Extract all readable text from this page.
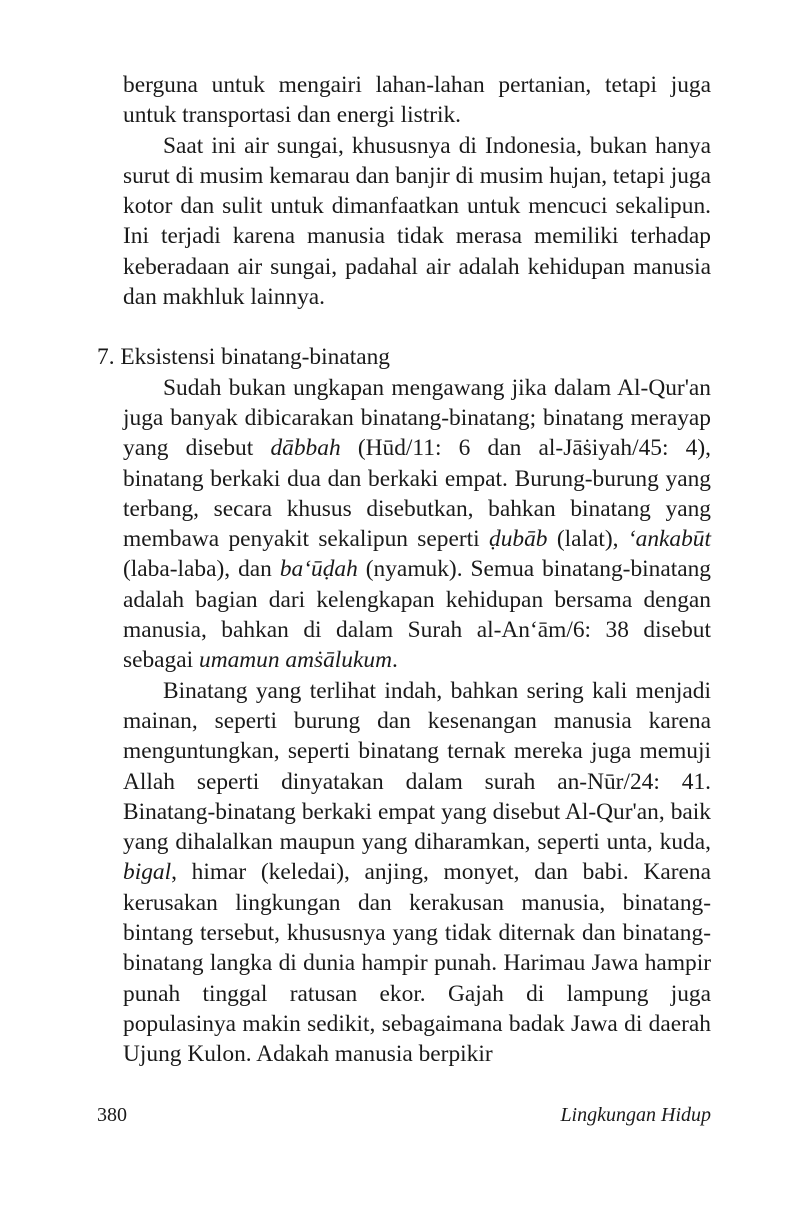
berguna untuk mengairi lahan-lahan pertanian, tetapi juga untuk transportasi dan energi listrik.

Saat ini air sungai, khususnya di Indonesia, bukan hanya surut di musim kemarau dan banjir di musim hujan, tetapi juga kotor dan sulit untuk dimanfaatkan untuk mencuci sekalipun. Ini terjadi karena manusia tidak merasa memiliki terhadap keberadaan air sungai, padahal air adalah kehidupan manusia dan makhluk lainnya.

7. Eksistensi binatang-binatang

Sudah bukan ungkapan mengawang jika dalam Al-Qur'an juga banyak dibicarakan binatang-binatang; binatang merayap yang disebut dābbah (Hūd/11: 6 dan al-Jāṡiyah/45: 4), binatang berkaki dua dan berkaki empat. Burung-burung yang terbang, secara khusus disebutkan, bahkan binatang yang membawa penyakit sekalipun seperti ḍubāb (lalat), ‘ankabūt (laba-laba), dan ba‘ūḍah (nyamuk). Semua binatang-binatang adalah bagian dari kelengkapan kehidupan bersama dengan manusia, bahkan di dalam Surah al-An‘ām/6: 38 disebut sebagai umamun amṡālukum.

Binatang yang terlihat indah, bahkan sering kali menjadi mainan, seperti burung dan kesenangan manusia karena menguntungkan, seperti binatang ternak mereka juga memuji Allah seperti dinyatakan dalam surah an-Nūr/24: 41. Binatang-binatang berkaki empat yang disebut Al-Qur'an, baik yang dihalalkan maupun yang diharamkan, seperti unta, kuda, bigal, himar (keledai), anjing, monyet, dan babi. Karena kerusakan lingkungan dan kerakusan manusia, binatang-bintang tersebut, khususnya yang tidak diternak dan binatang-binatang langka di dunia hampir punah. Harimau Jawa hampir punah tinggal ratusan ekor. Gajah di lampung juga populasinya makin sedikit, sebagaimana badak Jawa di daerah Ujung Kulon. Adakah manusia berpikir

380	Lingkungan Hidup
